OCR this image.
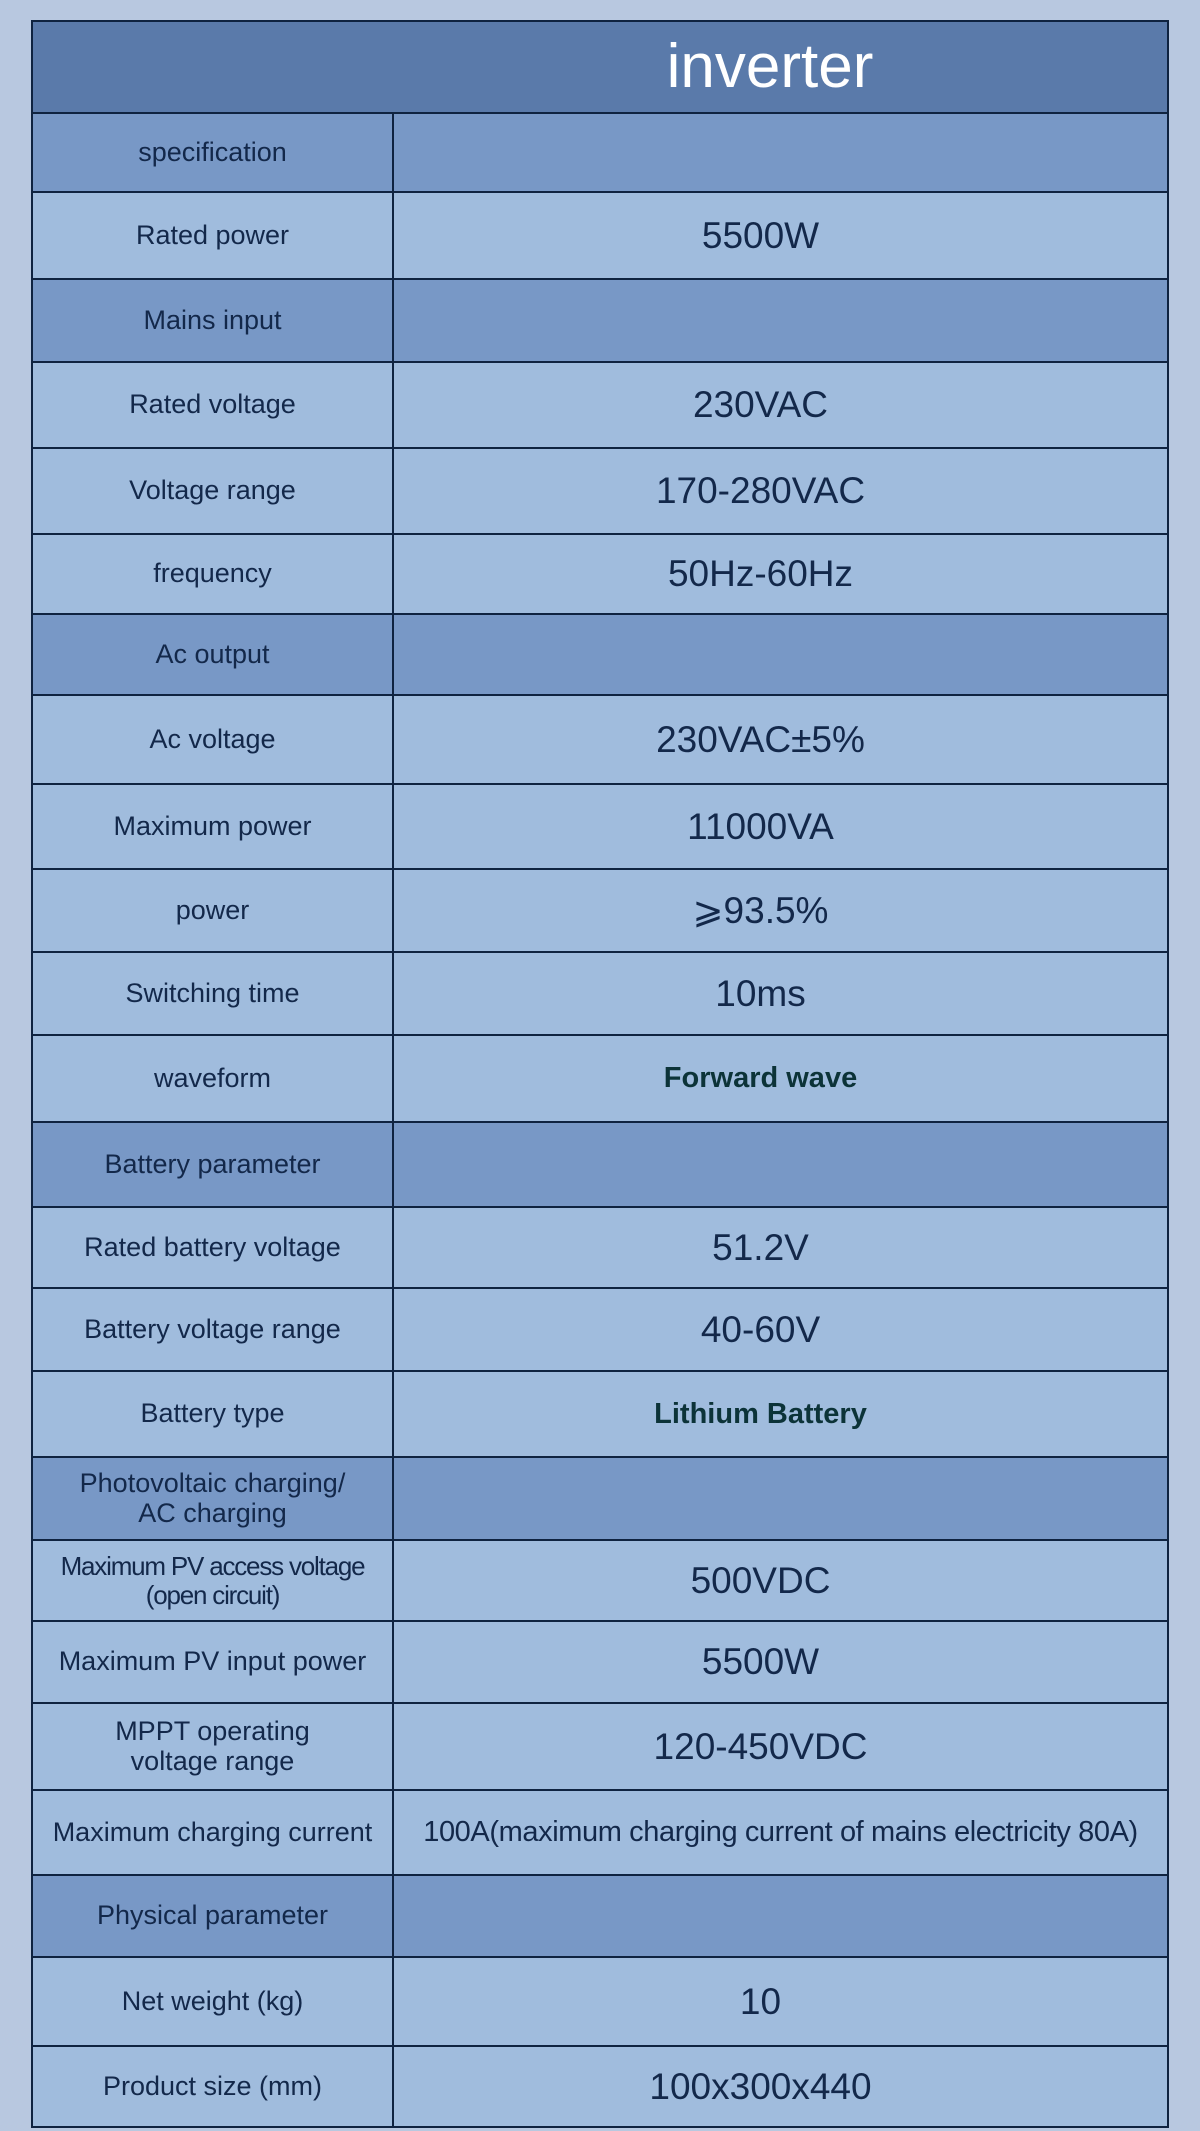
inverter
specification
Rated power	5500W
Mains input
Rated voltage	230VAC
Voltage range	170-280VAC
frequency	50Hz-60Hz
Ac output
Ac voltage	230VAC±5%
Maximum power	11000VA
power	⩾93.5%
Switching time	10ms
waveform	Forward wave
Battery parameter
Rated battery voltage	51.2V
Battery voltage range	40-60V
Battery type	Lithium Battery
Photovoltaic charging/
AC charging
Maximum PV access voltage
(open circuit)	500VDC
Maximum PV input power	5500W
MPPT operating
voltage range	120-450VDC
Maximum charging current	100A(maximum charging current of mains electricity 80A)
Physical parameter
Net weight (kg)	10
Product size (mm)	100x300x440
